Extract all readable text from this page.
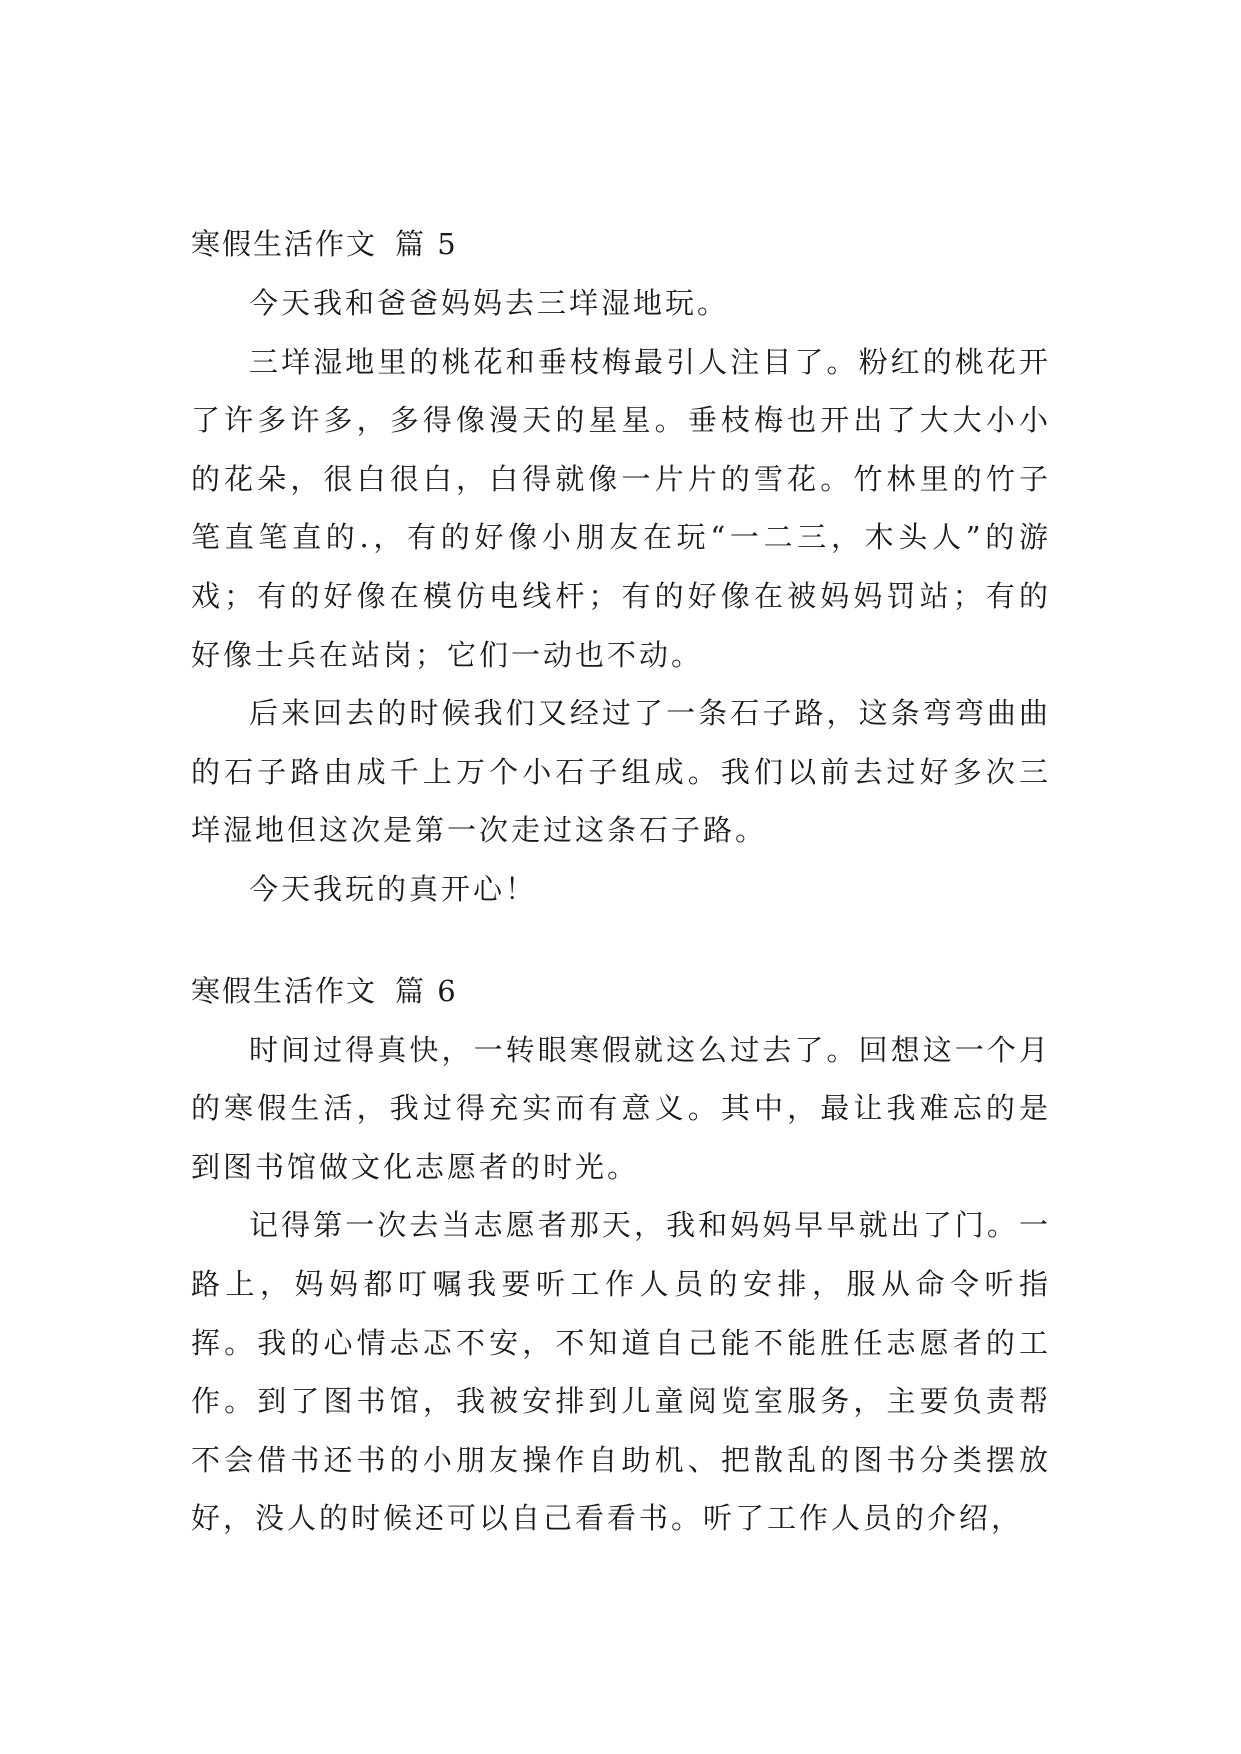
寒假生活作文 篇 5

今天我和爸爸妈妈去三垟湿地玩。

三垟湿地里的桃花和垂枝梅最引人注目了。粉红的桃花开了许多许多，多得像漫天的星星。垂枝梅也开出了大大小小的花朵，很白很白，白得就像一片片的雪花。竹林里的竹子笔直笔直的.，有的好像小朋友在玩“一二三，木头人”的游戏；有的好像在模仿电线杆；有的好像在被妈妈罚站；有的好像士兵在站岗；它们一动也不动。

后来回去的时候我们又经过了一条石子路，这条弯弯曲曲的石子路由成千上万个小石子组成。我们以前去过好多次三垟湿地但这次是第一次走过这条石子路。

今天我玩的真开心！

寒假生活作文 篇 6

时间过得真快，一转眼寒假就这么过去了。回想这一个月的寒假生活，我过得充实而有意义。其中，最让我难忘的是到图书馆做文化志愿者的时光。

记得第一次去当志愿者那天，我和妈妈早早就出了门。一路上，妈妈都叮嘱我要听工作人员的安排，服从命令听指挥。我的心情忐忑不安，不知道自己能不能胜任志愿者的工作。到了图书馆，我被安排到儿童阅览室服务，主要负责帮不会借书还书的小朋友操作自助机、把散乱的图书分类摆放好，没人的时候还可以自己看看书。听了工作人员的介绍，
